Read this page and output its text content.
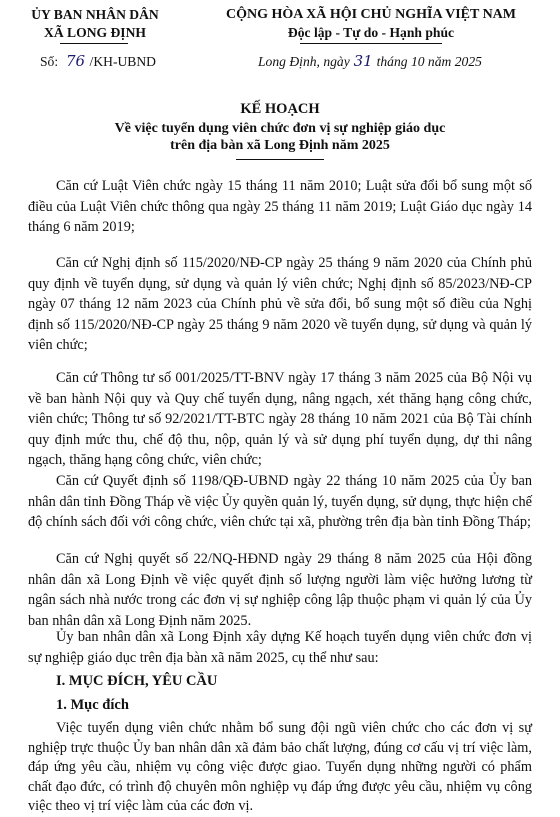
ỦY BAN NHÂN DÂN
XÃ LONG ĐỊNH
CỘNG HÒA XÃ HỘI CHỦ NGHĨA VIỆT NAM
Độc lập - Tự do - Hạnh phúc
Số: 76 /KH-UBND	Long Định, ngày 31 tháng 10 năm 2025
KẾ HOẠCH
Về việc tuyển dụng viên chức đơn vị sự nghiệp giáo dục
trên địa bàn xã Long Định năm 2025

Căn cứ Luật Viên chức ngày 15 tháng 11 năm 2010; Luật sửa đổi bổ sung một số điều của Luật Viên chức thông qua ngày 25 tháng 11 năm 2019; Luật Giáo dục ngày 14 tháng 6 năm 2019;

Căn cứ Nghị định số 115/2020/NĐ-CP ngày 25 tháng 9 năm 2020 của Chính phủ quy định về tuyển dụng, sử dụng và quản lý viên chức; Nghị định số 85/2023/NĐ-CP ngày 07 tháng 12 năm 2023 của Chính phủ về sửa đổi, bổ sung một số điều của Nghị định số 115/2020/NĐ-CP ngày 25 tháng 9 năm 2020 về tuyển dụng, sử dụng và quản lý viên chức;

Căn cứ Thông tư số 001/2025/TT-BNV ngày 17 tháng 3 năm 2025 của Bộ Nội vụ về ban hành Nội quy và Quy chế tuyển dụng, nâng ngạch, xét thăng hạng công chức, viên chức; Thông tư số 92/2021/TT-BTC ngày 28 tháng 10 năm 2021 của Bộ Tài chính quy định mức thu, chế độ thu, nộp, quản lý và sử dụng phí tuyển dụng, dự thi nâng ngạch, thăng hạng công chức, viên chức;

Căn cứ Quyết định số 1198/QĐ-UBND ngày 22 tháng 10 năm 2025 của Ủy ban nhân dân tỉnh Đồng Tháp về việc Ủy quyền quản lý, tuyển dụng, sử dụng, thực hiện chế độ chính sách đối với công chức, viên chức tại xã, phường trên địa bàn tỉnh Đồng Tháp;

Căn cứ Nghị quyết số 22/NQ-HĐND ngày 29 tháng 8 năm 2025 của Hội đồng nhân dân xã Long Định về việc quyết định số lượng người làm việc hưởng lương từ ngân sách nhà nước trong các đơn vị sự nghiệp công lập thuộc phạm vi quản lý của Ủy ban nhân dân xã Long Định năm 2025.

Ủy ban nhân dân xã Long Định xây dựng Kế hoạch tuyển dụng viên chức đơn vị sự nghiệp giáo dục trên địa bàn xã năm 2025, cụ thể như sau:

I. MỤC ĐÍCH, YÊU CẦU
1. Mục đích

Việc tuyển dụng viên chức nhằm bổ sung đội ngũ viên chức cho các đơn vị sự nghiệp trực thuộc Ủy ban nhân dân xã đảm bảo chất lượng, đúng cơ cấu vị trí việc làm, đáp ứng yêu cầu, nhiệm vụ công việc được giao. Tuyển dụng những người có phẩm chất đạo đức, có trình độ chuyên môn nghiệp vụ đáp ứng được yêu cầu, nhiệm vụ công việc theo vị trí việc làm của các đơn vị.
